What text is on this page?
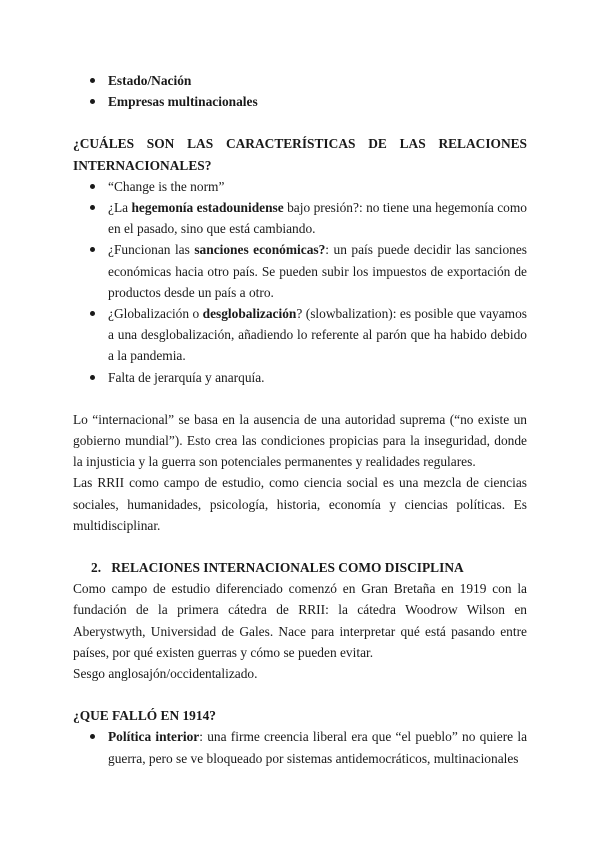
Estado/Nación
Empresas multinacionales
¿CUÁLES SON LAS CARACTERÍSTICAS DE LAS RELACIONES
INTERNACIONALES?
“Change is the norm”
¿La hegemonía estadounidense bajo presión?: no tiene una hegemonía como en el pasado, sino que está cambiando.
¿Funcionan las sanciones económicas?: un país puede decidir las sanciones económicas hacia otro país. Se pueden subir los impuestos de exportación de productos desde un país a otro.
¿Globalización o desglobalización? (slowbalization): es posible que vayamos a una desglobalización, añadiendo lo referente al parón que ha habido debido a la pandemia.
Falta de jerarquía y anarquía.

Lo “internacional” se basa en la ausencia de una autoridad suprema (“no existe un gobierno mundial”). Esto crea las condiciones propicias para la inseguridad, donde la injusticia y la guerra son potenciales permanentes y realidades regulares.

Las RRII como campo de estudio, como ciencia social es una mezcla de ciencias sociales, humanidades, psicología, historia, economía y ciencias políticas. Es multidisciplinar.

2. RELACIONES INTERNACIONALES COMO DISCIPLINA

Como campo de estudio diferenciado comenzó en Gran Bretaña en 1919 con la fundación de la primera cátedra de RRII: la cátedra Woodrow Wilson en Aberystwyth, Universidad de Gales. Nace para interpretar qué está pasando entre países, por qué existen guerras y cómo se pueden evitar.

Sesgo anglosajón/occidentalizado.

¿QUE FALLÓ EN 1914?
Política interior: una firme creencia liberal era que “el pueblo” no quiere la guerra, pero se ve bloqueado por sistemas antidemocráticos, multinacionales
